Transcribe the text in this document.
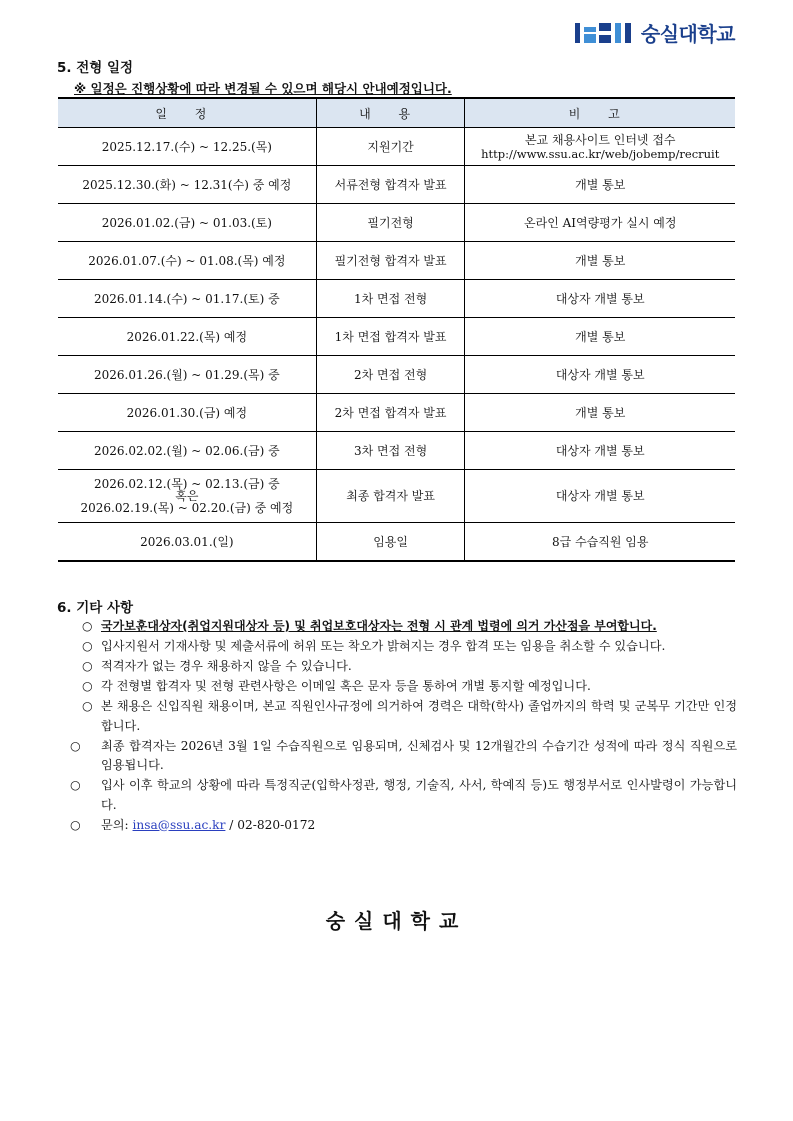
숭실대학교
5. 전형 일정
※ 일정은 진행상황에 따라 변경될 수 있으며 해당시 안내예정입니다.
일 정	내 용	비 고
2025.12.17.(수) ~ 12.25.(목)	지원기간	본교 채용사이트 인터넷 접수
http://www.ssu.ac.kr/web/jobemp/recruit

2025.12.30.(화) ~ 12.31(수) 중 예정	서류전형 합격자 발표	개별 통보
2026.01.02.(금) ~ 01.03.(토)	필기전형	온라인 AI역량평가 실시 예정
2026.01.07.(수) ~ 01.08.(목) 예정	필기전형 합격자 발표	개별 통보
2026.01.14.(수) ~ 01.17.(토) 중	1차 면접 전형	대상자 개별 통보
2026.01.22.(목) 예정	1차 면접 합격자 발표	개별 통보
2026.01.26.(월) ~ 01.29.(목) 중	2차 면접 전형	대상자 개별 통보
2026.01.30.(금) 예정	2차 면접 합격자 발표	개별 통보
2026.02.02.(월) ~ 02.06.(금) 중	3차 면접 전형	대상자 개별 통보

2026.02.12.(목) ~ 02.13.(금) 중
혹은
2026.02.19.(목) ~ 02.20.(금) 중 예정	최종 합격자 발표	대상자 개별 통보
2026.03.01.(일)	임용일	8급 수습직원 임용
6. 기타 사항
○ 국가보훈대상자(취업지원대상자 등) 및 취업보호대상자는 전형 시 관계 법령에 의거 가산점을 부여합니다.
○ 입사지원서 기재사항 및 제출서류에 허위 또는 착오가 밝혀지는 경우 합격 또는 임용을 취소할 수 있습니다.
○ 적격자가 없는 경우 채용하지 않을 수 있습니다.
○ 각 전형별 합격자 및 전형 관련사항은 이메일 혹은 문자 등을 통하여 개별 통지할 예정입니다.
○ 본 채용은 신입직원 채용이며, 본교 직원인사규정에 의거하여 경력은 대학(학사) 졸업까지의 학력 및 군복무 기간만 인정합니다.
○ 최종 합격자는 2026년 3월 1일 수습직원으로 임용되며, 신체검사 및 12개월간의 수습기간 성적에 따라 정식 직원으로 임용됩니다.
○ 입사 이후 학교의 상황에 따라 특정직군(입학사정관, 행정, 기술직, 사서, 학예직 등)도 행정부서로 인사발령이 가능합니다.
○ 문의: insa@ssu.ac.kr / 02-820-0172
숭실대학교
